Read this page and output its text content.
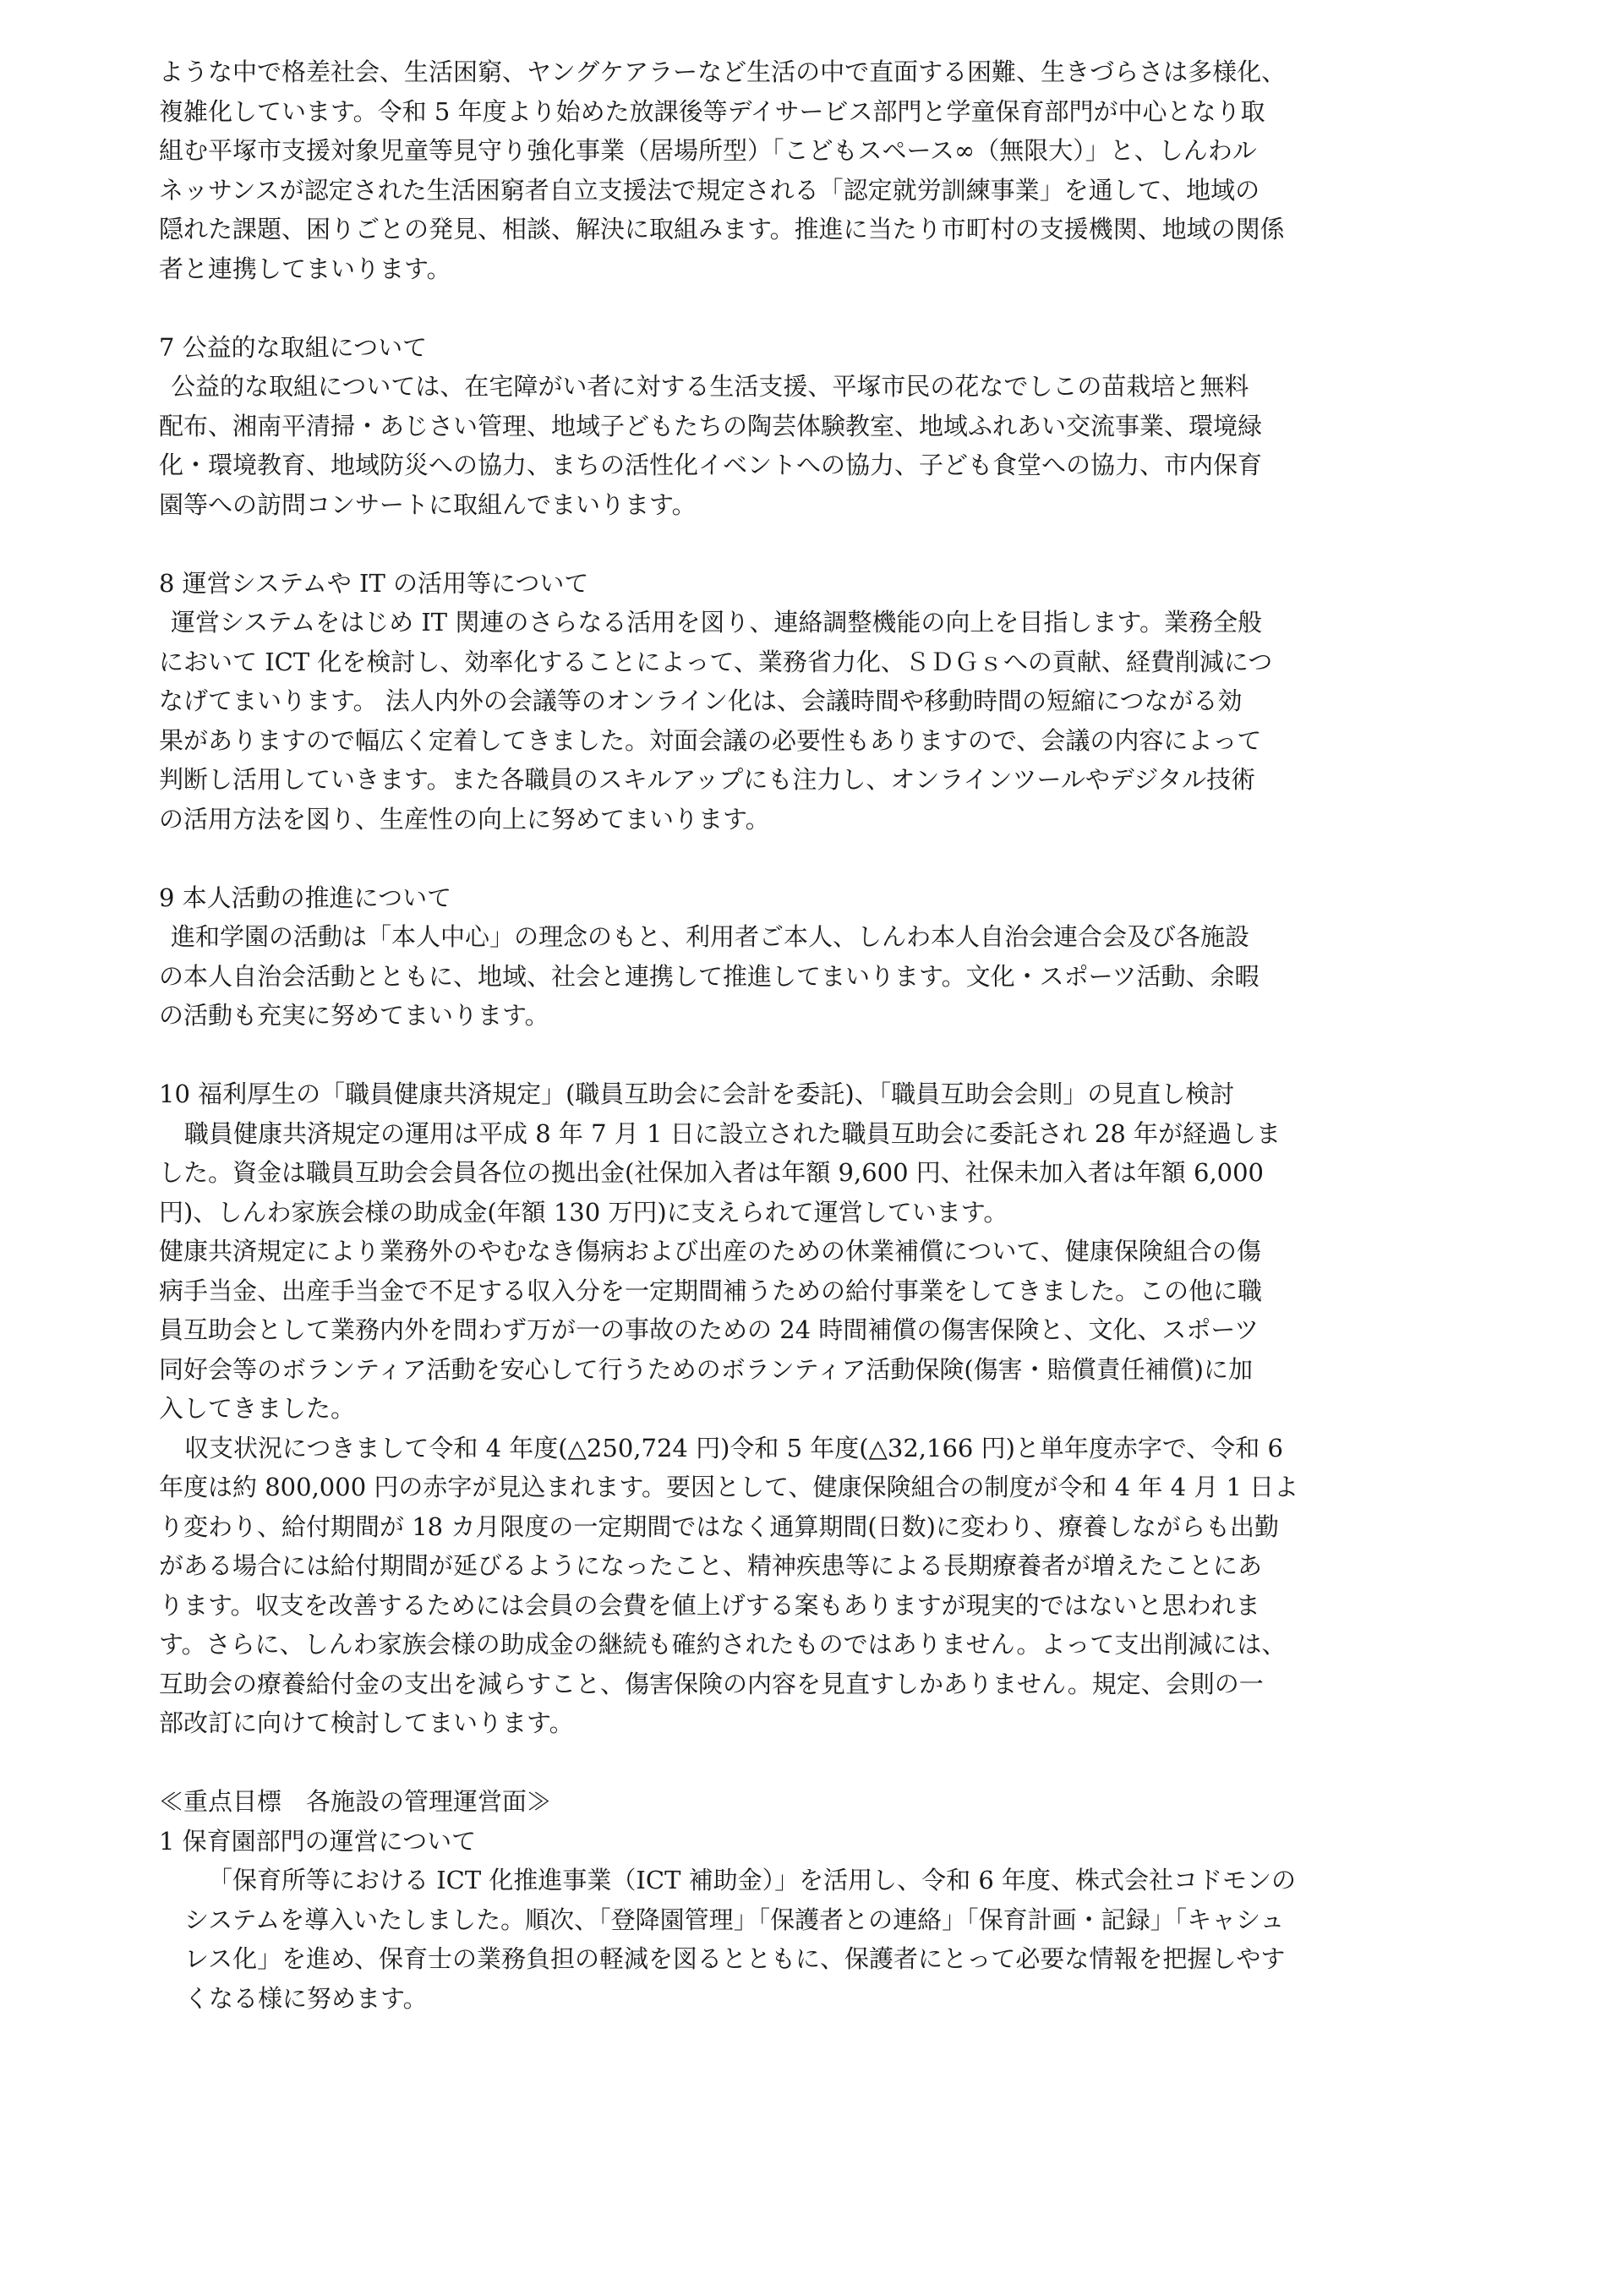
ような中で格差社会、生活困窮、ヤングケアラーなど生活の中で直面する困難、生きづらさは多様化、
複雑化しています。令和 5 年度より始めた放課後等デイサービス部門と学童保育部門が中心となり取
組む平塚市支援対象児童等見守り強化事業（居場所型）「こどもスペース∞（無限大）」と、しんわル
ネッサンスが認定された生活困窮者自立支援法で規定される「認定就労訓練事業」を通して、地域の
隠れた課題、困りごとの発見、相談、解決に取組みます。推進に当たり市町村の支援機関、地域の関係
者と連携してまいります。
7 公益的な取組について
公益的な取組については、在宅障がい者に対する生活支援、平塚市民の花なでしこの苗栽培と無料
配布、湘南平清掃・あじさい管理、地域子どもたちの陶芸体験教室、地域ふれあい交流事業、環境緑
化・環境教育、地域防災への協力、まちの活性化イベントへの協力、子ども食堂への協力、市内保育
園等への訪問コンサートに取組んでまいります。
8 運営システムや IT の活用等について
運営システムをはじめ IT 関連のさらなる活用を図り、連絡調整機能の向上を目指します。業務全般
において ICT 化を検討し、効率化することによって、業務省力化、ＳＤＧｓへの貢献、経費削減につ
なげてまいります。 法人内外の会議等のオンライン化は、会議時間や移動時間の短縮につながる効
果がありますので幅広く定着してきました。対面会議の必要性もありますので、会議の内容によって
判断し活用していきます。また各職員のスキルアップにも注力し、オンラインツールやデジタル技術
の活用方法を図り、生産性の向上に努めてまいります。
9 本人活動の推進について
進和学園の活動は「本人中心」の理念のもと、利用者ご本人、しんわ本人自治会連合会及び各施設
の本人自治会活動とともに、地域、社会と連携して推進してまいります。文化・スポーツ活動、余暇
の活動も充実に努めてまいります。
10 福利厚生の「職員健康共済規定」(職員互助会に会計を委託)、「職員互助会会則」の見直し検討
職員健康共済規定の運用は平成 8 年 7 月 1 日に設立された職員互助会に委託され 28 年が経過しま
した。資金は職員互助会会員各位の拠出金(社保加入者は年額 9,600 円、社保未加入者は年額 6,000
円)、しんわ家族会様の助成金(年額 130 万円)に支えられて運営しています。
健康共済規定により業務外のやむなき傷病および出産のための休業補償について、健康保険組合の傷
病手当金、出産手当金で不足する収入分を一定期間補うための給付事業をしてきました。この他に職
員互助会として業務内外を問わず万が一の事故のための 24 時間補償の傷害保険と、文化、スポーツ
同好会等のボランティア活動を安心して行うためのボランティア活動保険(傷害・賠償責任補償)に加
入してきました。
収支状況につきまして令和 4 年度(△250,724 円)令和 5 年度(△32,166 円)と単年度赤字で、令和 6
年度は約 800,000 円の赤字が見込まれます。要因として、健康保険組合の制度が令和 4 年 4 月 1 日よ
り変わり、給付期間が 18 カ月限度の一定期間ではなく通算期間(日数)に変わり、療養しながらも出勤
がある場合には給付期間が延びるようになったこと、精神疾患等による長期療養者が増えたことにあ
ります。収支を改善するためには会員の会費を値上げする案もありますが現実的ではないと思われま
す。さらに、しんわ家族会様の助成金の継続も確約されたものではありません。よって支出削減には、
互助会の療養給付金の支出を減らすこと、傷害保険の内容を見直すしかありません。規定、会則の一
部改訂に向けて検討してまいります。
≪重点目標　各施設の管理運営面≫
1 保育園部門の運営について
「保育所等における ICT 化推進事業（ICT 補助金）」を活用し、令和 6 年度、株式会社コドモンの
システムを導入いたしました。順次、「登降園管理」「保護者との連絡」「保育計画・記録」「キャシュ
レス化」を進め、保育士の業務負担の軽減を図るとともに、保護者にとって必要な情報を把握しやす
くなる様に努めます。
